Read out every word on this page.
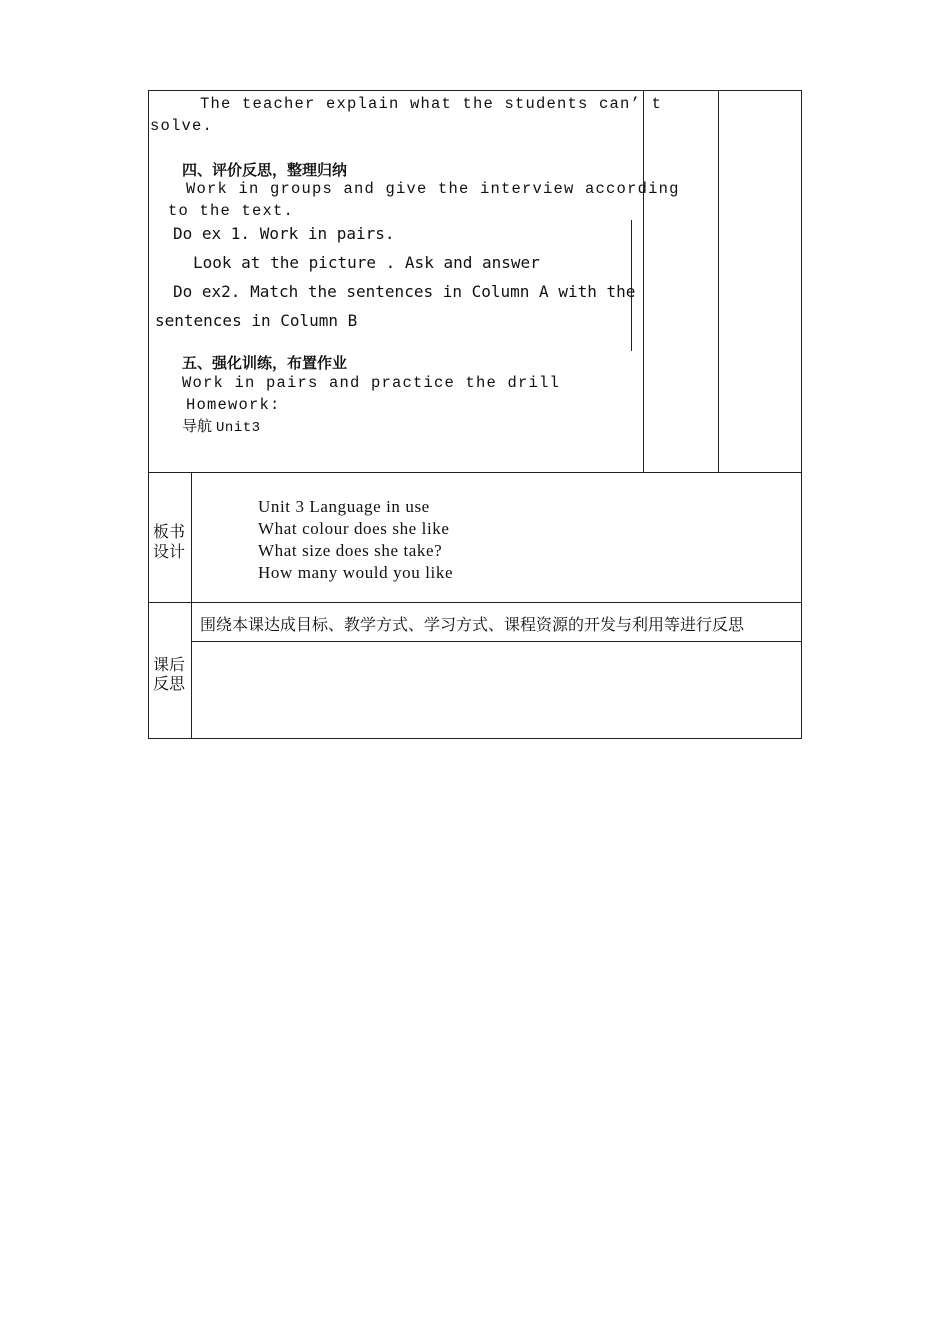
The teacher explain what the students can’ t
solve.
四、评价反思，整理归纳
Work in groups and give the interview according
to the text.
Do ex 1. Work in pairs.
Look at the picture . Ask and answer
Do ex2. Match the sentences in Column A with the
sentences in Column B
五、强化训练，布置作业
Work in pairs and practice the drill
Homework:
导航 Unit3
板书
设计
Unit 3 Language in use
What colour does she like
What size does she take?
How many would you like
课后
反思
围绕本课达成目标、教学方式、学习方式、课程资源的开发与利用等进行反思
